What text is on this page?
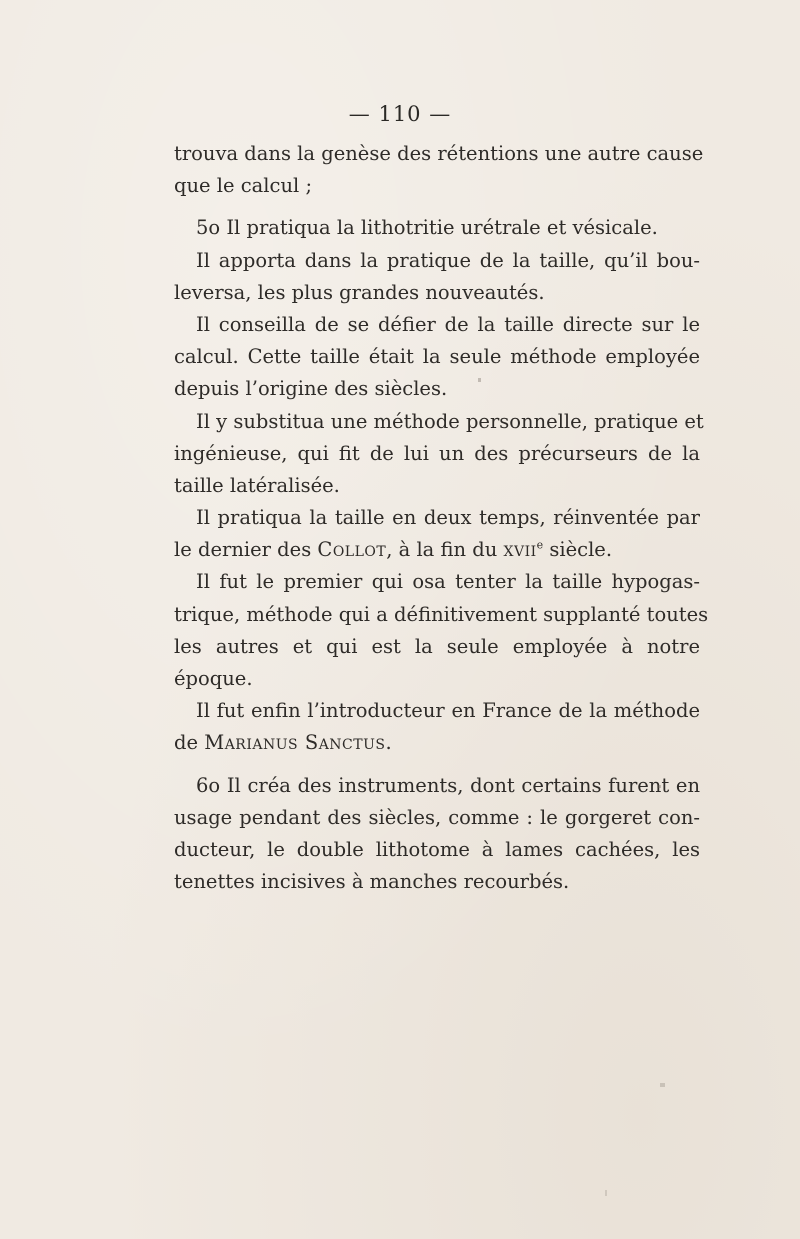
— 110 —
trouva dans la genèse des rétentions une autre cause
que le calcul ;
5o Il pratiqua la lithotritie urétrale et vésicale.
Il apporta dans la pratique de la taille, qu’il bou-
leversa, les plus grandes nouveautés.
Il conseilla de se défier de la taille directe sur le
calcul. Cette taille était la seule méthode employée
depuis l’origine des siècles.
Il y substitua une méthode personnelle, pratique et
ingénieuse, qui fit de lui un des précurseurs de la
taille latéralisée.
Il pratiqua la taille en deux temps, réinventée par
le dernier des Collot, à la fin du xvii$^e$ siècle.
Il fut le premier qui osa tenter la taille hypogas-
trique, méthode qui a définitivement supplanté toutes
les autres et qui est la seule employée à notre
époque.
Il fut enfin l’introducteur en France de la méthode
de Marianus Sanctus.
6o Il créa des instruments, dont certains furent en
usage pendant des siècles, comme : le gorgeret con-
ducteur, le double lithotome à lames cachées, les
tenettes incisives à manches recourbés.
